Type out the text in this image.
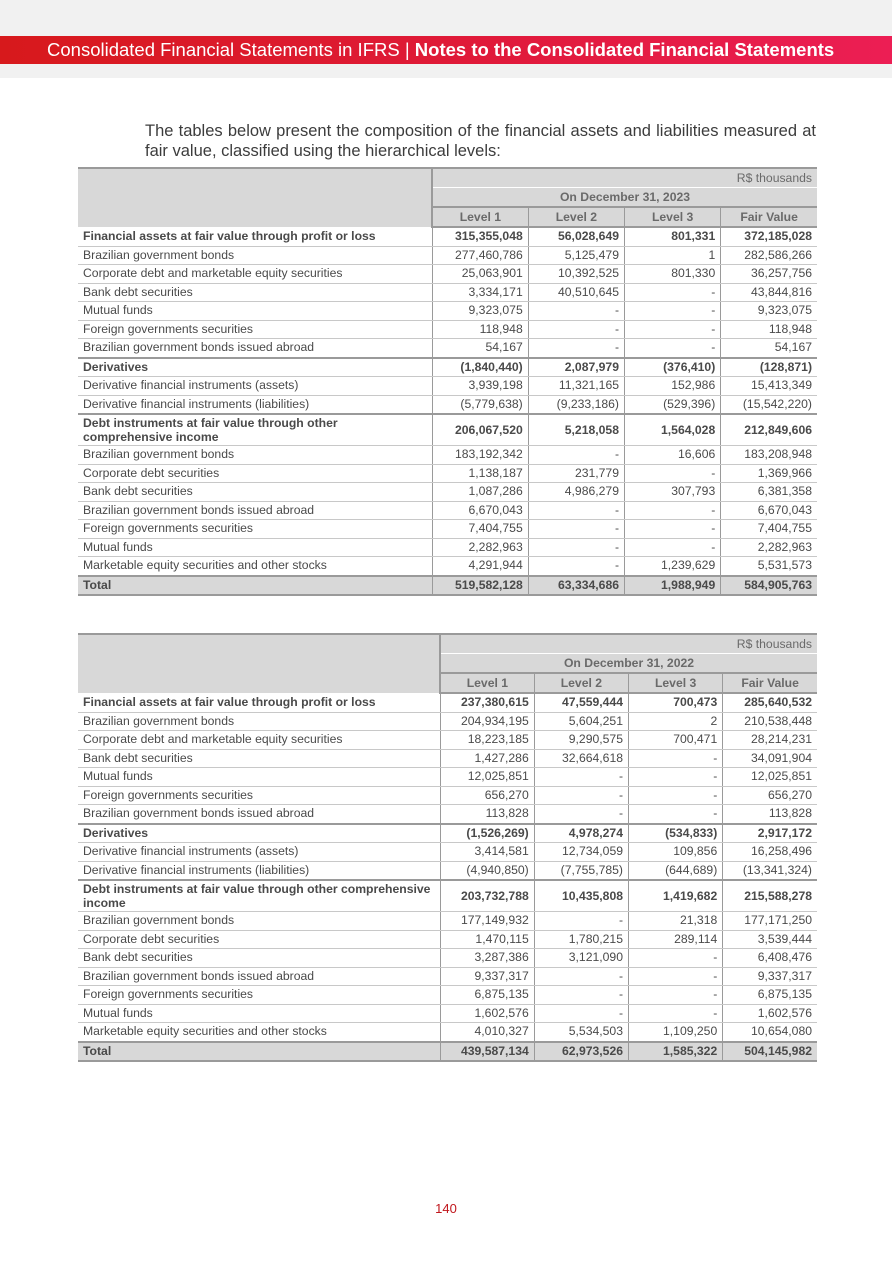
Consolidated Financial Statements in IFRS | Notes to the Consolidated Financial Statements

The tables below present the composition of the financial assets and liabilities measured at fair value, classified using the hierarchical levels:

	R$ thousands			
	On December 31, 2023			
	Level 1	Level 2	Level 3	Fair Value
Financial assets at fair value through profit or loss	315,355,048	56,028,649	801,331	372,185,028
Brazilian government bonds	277,460,786	5,125,479	1	282,586,266
Corporate debt and marketable equity securities	25,063,901	10,392,525	801,330	36,257,756
Bank debt securities	3,334,171	40,510,645	-	43,844,816
Mutual funds	9,323,075	-	-	9,323,075
Foreign governments securities	118,948	-	-	118,948
Brazilian government bonds issued abroad	54,167	-	-	54,167
Derivatives	(1,840,440)	2,087,979	(376,410)	(128,871)
Derivative financial instruments (assets)	3,939,198	11,321,165	152,986	15,413,349
Derivative financial instruments (liabilities)	(5,779,638)	(9,233,186)	(529,396)	(15,542,220)
Debt instruments at fair value through other comprehensive income	206,067,520	5,218,058	1,564,028	212,849,606
Brazilian government bonds	183,192,342	-	16,606	183,208,948
Corporate debt securities	1,138,187	231,779	-	1,369,966
Bank debt securities	1,087,286	4,986,279	307,793	6,381,358
Brazilian government bonds issued abroad	6,670,043	-	-	6,670,043
Foreign governments securities	7,404,755	-	-	7,404,755
Mutual funds	2,282,963	-	-	2,282,963
Marketable equity securities and other stocks	4,291,944	-	1,239,629	5,531,573
Total	519,582,128	63,334,686	1,988,949	584,905,763
	R$ thousands			
	On December 31, 2022			
	Level 1	Level 2	Level 3	Fair Value
Financial assets at fair value through profit or loss	237,380,615	47,559,444	700,473	285,640,532
Brazilian government bonds	204,934,195	5,604,251	2	210,538,448
Corporate debt and marketable equity securities	18,223,185	9,290,575	700,471	28,214,231
Bank debt securities	1,427,286	32,664,618	-	34,091,904
Mutual funds	12,025,851	-	-	12,025,851
Foreign governments securities	656,270	-	-	656,270
Brazilian government bonds issued abroad	113,828	-	-	113,828
Derivatives	(1,526,269)	4,978,274	(534,833)	2,917,172
Derivative financial instruments (assets)	3,414,581	12,734,059	109,856	16,258,496
Derivative financial instruments (liabilities)	(4,940,850)	(7,755,785)	(644,689)	(13,341,324)
Debt instruments at fair value through other comprehensive income	203,732,788	10,435,808	1,419,682	215,588,278
Brazilian government bonds	177,149,932	-	21,318	177,171,250
Corporate debt securities	1,470,115	1,780,215	289,114	3,539,444
Bank debt securities	3,287,386	3,121,090	-	6,408,476
Brazilian government bonds issued abroad	9,337,317	-	-	9,337,317
Foreign governments securities	6,875,135	-	-	6,875,135
Mutual funds	1,602,576	-	-	1,602,576
Marketable equity securities and other stocks	4,010,327	5,534,503	1,109,250	10,654,080
Total	439,587,134	62,973,526	1,585,322	504,145,982
140
